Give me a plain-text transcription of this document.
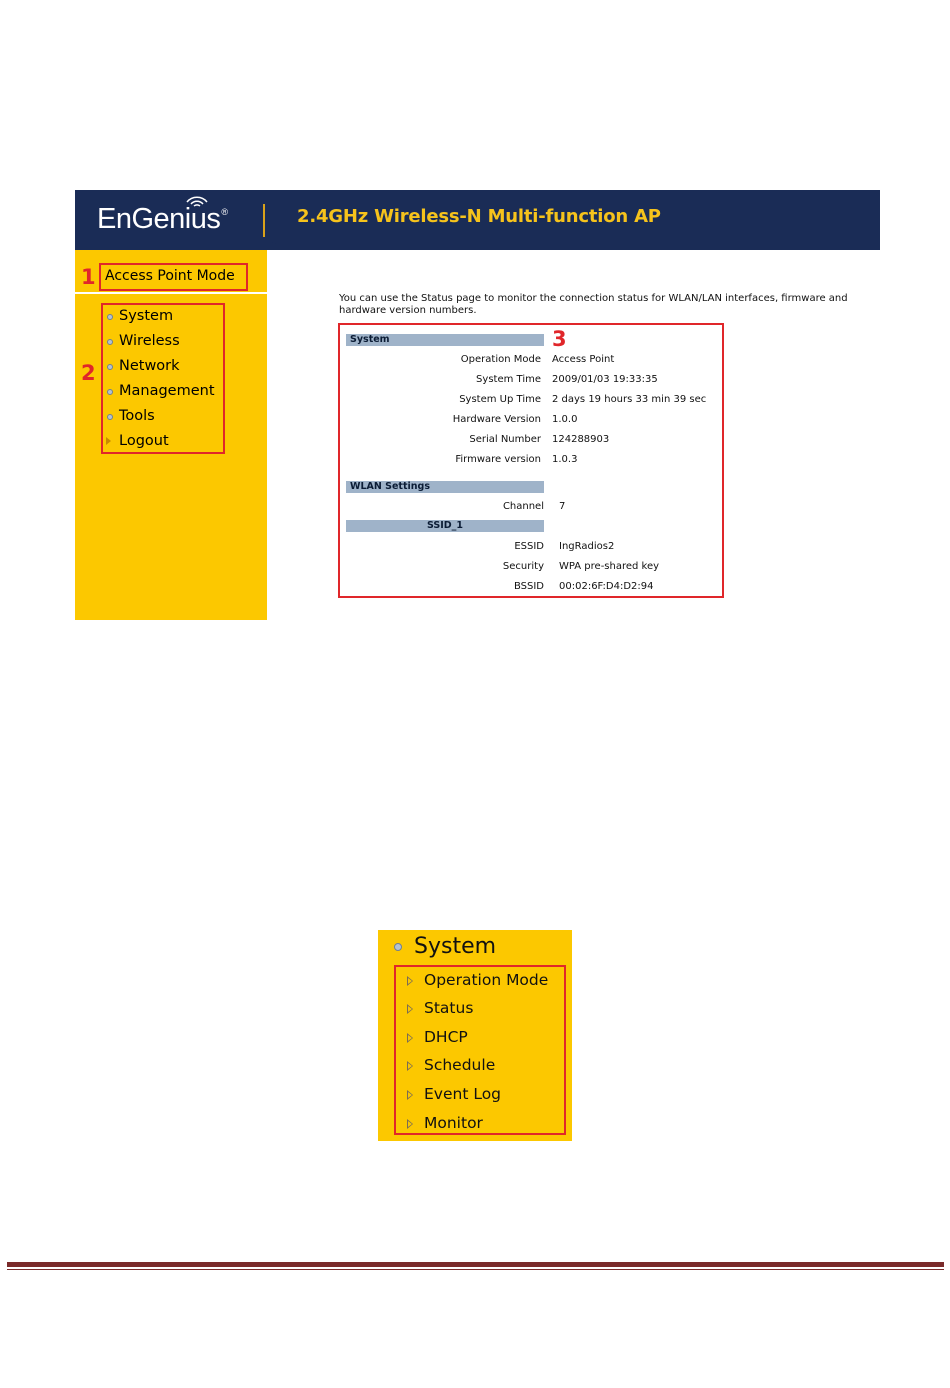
EnGenius®	2.4GHz Wireless-N Multi-function AP
Access Point Mode
System
Wireless
Network
Management
Tools
Logout
1
2
You can use the Status page to monitor the connection status for WLAN/LAN interfaces, firmware and hardware version numbers.
3
System
Operation Mode Access Point
System Time 2009/01/03 19:33:35
System Up Time 2 days 19 hours 33 min 39 sec
Hardware Version 1.0.0
Serial Number 124288903
Firmware version 1.0.3
WLAN Settings
Channel 7
SSID_1
ESSID IngRadios2
Security WPA pre-shared key
BSSID 00:02:6F:D4:D2:94
System
Operation Mode
Status
DHCP
Schedule
Event Log
Monitor
